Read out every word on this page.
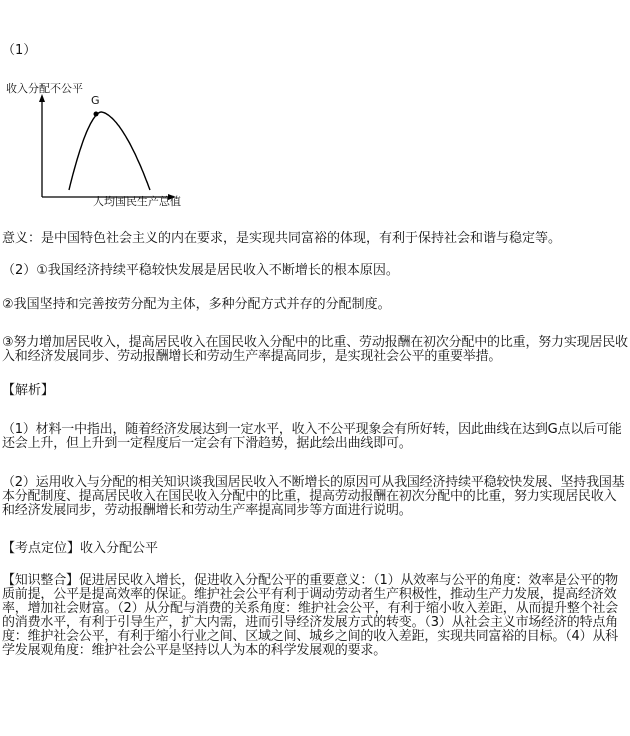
（1）
收入分配不公平
G
人均国民生产总值
意义：是中国特色社会主义的内在要求，是实现共同富裕的体现，有利于保持社会和谐与稳定等。
（2）①我国经济持续平稳较快发展是居民收入不断增长的根本原因。
②我国坚持和完善按劳分配为主体，多种分配方式并存的分配制度。
③努力增加居民收入，提高居民收入在国民收入分配中的比重、劳动报酬在初次分配中的比重，努力实现居民收入和经济发展同步、劳动报酬增长和劳动生产率提高同步，是实现社会公平的重要举措。
【解析】
（1）材料一中指出，随着经济发展达到一定水平，收入不公平现象会有所好转，因此曲线在达到G点以后可能还会上升，但上升到一定程度后一定会有下滑趋势，据此绘出曲线即可。
（2）运用收入与分配的相关知识谈我国居民收入不断增长的原因可从我国经济持续平稳较快发展、坚持我国基本分配制度、提高居民收入在国民收入分配中的比重，提高劳动报酬在初次分配中的比重，努力实现居民收入和经济发展同步，劳动报酬增长和劳动生产率提高同步等方面进行说明。
【考点定位】收入分配公平
【知识整合】促进居民收入增长，促进收入分配公平的重要意义：（1）从效率与公平的角度：效率是公平的物质前提，公平是提高效率的保证。维护社会公平有利于调动劳动者生产积极性，推动生产力发展，提高经济效率，增加社会财富。（2）从分配与消费的关系角度：维护社会公平，有利于缩小收入差距，从而提升整个社会的消费水平，有利于引导生产，扩大内需，进而引导经济发展方式的转变。（3）从社会主义市场经济的特点角度：维护社会公平，有利于缩小行业之间、区域之间、城乡之间的收入差距，实现共同富裕的目标。（4）从科学发展观角度：维护社会公平是坚持以人为本的科学发展观的要求。
